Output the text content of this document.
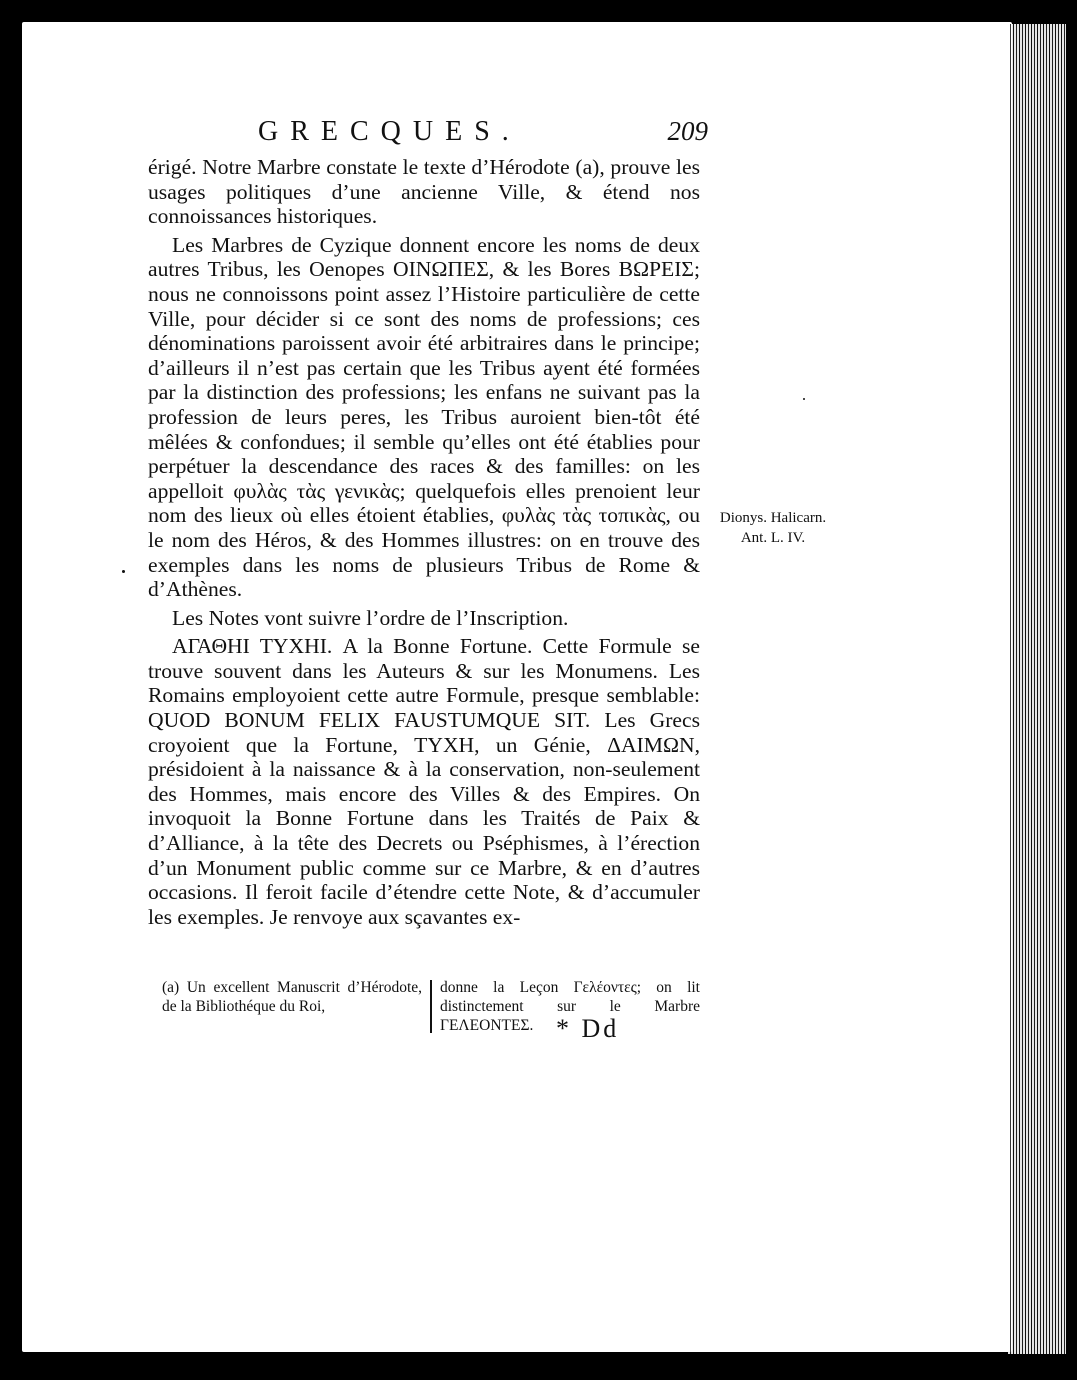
GRECQUES.	209

érigé. Notre Marbre constate le texte d’Hérodote (a), prouve les usages politiques d’une ancienne Ville, & étend nos connoissances historiques.

Les Marbres de Cyzique donnent encore les noms de deux autres Tribus, les Oenopes ΟΙΝΩΠΕΣ, & les Bores ΒΩΡΕΙΣ; nous ne connoissons point assez l’Histoire particulière de cette Ville, pour décider si ce sont des noms de professions; ces dénominations paroissent avoir été arbitraires dans le principe; d’ailleurs il n’est pas certain que les Tribus ayent été formées par la distinction des professions; les enfans ne suivant pas la profession de leurs peres, les Tribus auroient bien-tôt été mêlées & confondues; il semble qu’elles ont été établies pour perpétuer la descendance des races & des familles: on les appelloit φυλὰς τὰς γενικὰς; quelquefois elles prenoient leur nom des lieux où elles étoient établies, φυλὰς τὰς τοπικὰς, ou le nom des Héros, & des Hommes illustres: on en trouve des exemples dans les noms de plusieurs Tribus de Rome & d’Athènes.

Les Notes vont suivre l’ordre de l’Inscription.

ΑΓΑΘΗΙ ΤΥΧΗΙ. A la Bonne Fortune. Cette Formule se trouve souvent dans les Auteurs & sur les Monumens. Les Romains employoient cette autre Formule, presque semblable: QUOD BONUM FELIX FAUSTUMQUE SIT. Les Grecs croyoient que la Fortune, ΤΥΧΗ, un Génie, ΔΑΙΜΩΝ, présidoient à la naissance & à la conservation, non-seulement des Hommes, mais encore des Villes & des Empires. On invoquoit la Bonne Fortune dans les Traités de Paix & d’Alliance, à la tête des Decrets ou Pséphismes, à l’érection d’un Monument public comme sur ce Marbre, & en d’autres occasions. Il feroit facile d’étendre cette Note, & d’accumuler les exemples. Je renvoye aux sçavantes ex-

Dionys. Halicarn. Ant. L. IV.
(a) Un excellent Manuscrit d’Hérodote, de la Bibliothéque du Roi,
donne la Leçon Γελέοντες; on lit distinctement sur le Marbre ΓΕΛΕΟΝΤΕΣ. * Dd
